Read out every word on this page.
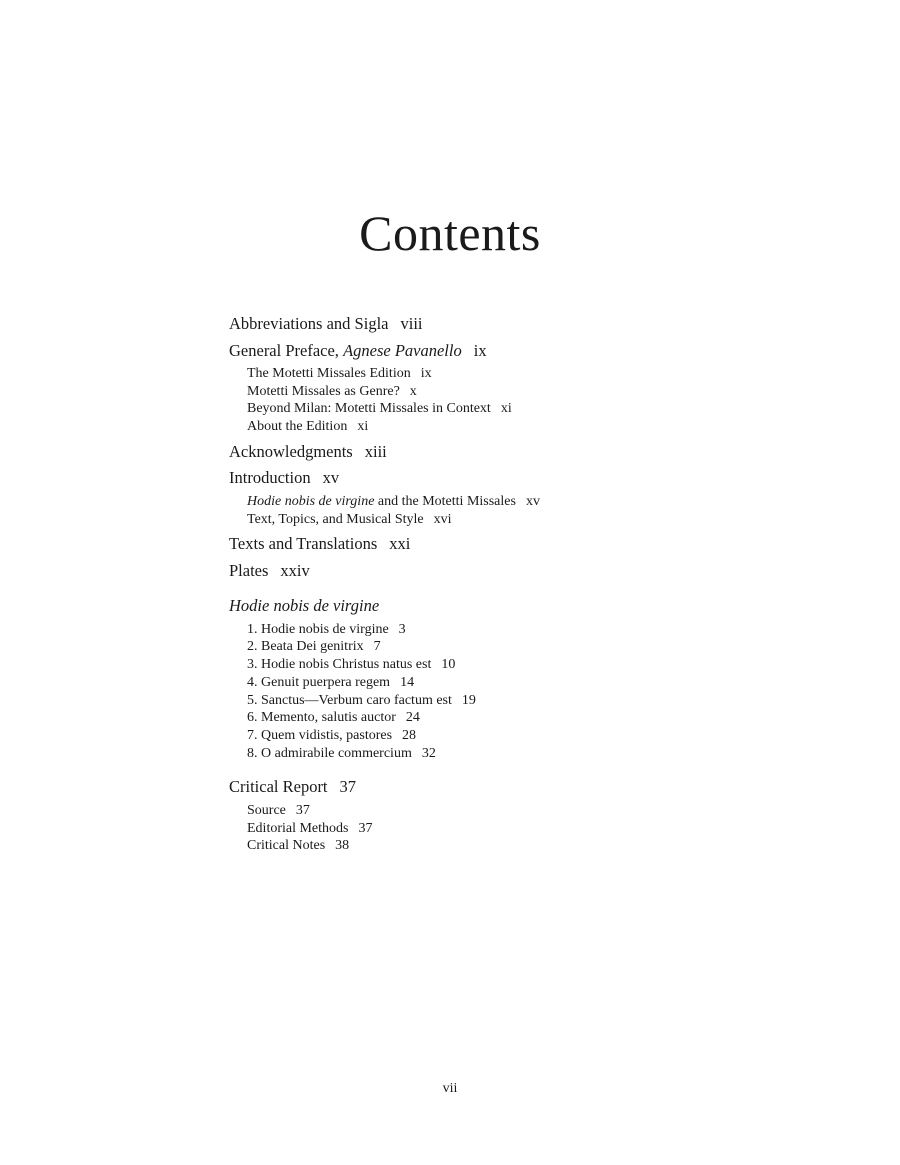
Contents
Abbreviations and Sigla viii
General Preface, Agnese Pavanello ix
The Motetti Missales Edition ix
Motetti Missales as Genre? x
Beyond Milan: Motetti Missales in Context xi
About the Edition xi
Acknowledgments xiii
Introduction xv
Hodie nobis de virgine and the Motetti Missales xv
Text, Topics, and Musical Style xvi
Texts and Translations xxi
Plates xxiv
Hodie nobis de virgine
1. Hodie nobis de virgine 3
2. Beata Dei genitrix 7
3. Hodie nobis Christus natus est 10
4. Genuit puerpera regem 14
5. Sanctus—Verbum caro factum est 19
6. Memento, salutis auctor 24
7. Quem vidistis, pastores 28
8. O admirabile commercium 32
Critical Report 37
Source 37
Editorial Methods 37
Critical Notes 38
vii
